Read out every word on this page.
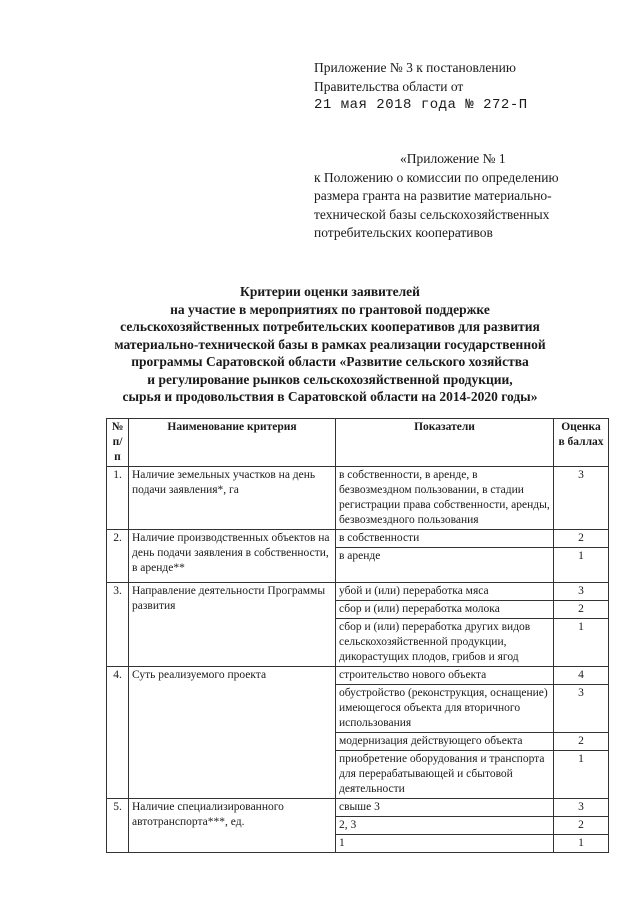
Приложение № 3 к постановлению
Правительства области от
21 мая 2018 года № 272-П
«Приложение № 1
к Положению о комиссии по определению
размера гранта на развитие материально-
технической базы сельскохозяйственных
потребительских кооперативов
Критерии оценки заявителей
на участие в мероприятиях по грантовой поддержке
сельскохозяйственных потребительских кооперативов для развития
материально-технической базы в рамках реализации государственной
программы Саратовской области «Развитие сельского хозяйства
и регулирование рынков сельскохозяйственной продукции,
сырья и продовольствия в Саратовской области на 2014-2020 годы»
№ п/п	Наименование критерия	Показатели	Оценка в баллах
1.	Наличие земельных участков на день подачи заявления*, га	в собственности, в аренде, в безвозмездном пользовании, в стадии регистрации права собственности, аренды, безвозмездного пользования	3
2.	Наличие производственных объектов на день подачи заявления в собственности, в аренде**	в собственности	2
		в аренде	1
3.	Направление деятельности Программы развития	убой и (или) переработка мяса	3
		сбор и (или) переработка молока	2
		сбор и (или) переработка других видов сельскохозяйственной продукции, дикорастущих плодов, грибов и ягод	1
4.	Суть реализуемого проекта	строительство нового объекта	4
		обустройство (реконструкция, оснащение) имеющегося объекта для вторичного использования	3
		модернизация действующего объекта	2
		приобретение оборудования и транспорта для перерабатывающей и сбытовой деятельности	1
5.	Наличие специализированного автотранспорта***, ед.	свыше 3	3
		2, 3	2
		1	1
